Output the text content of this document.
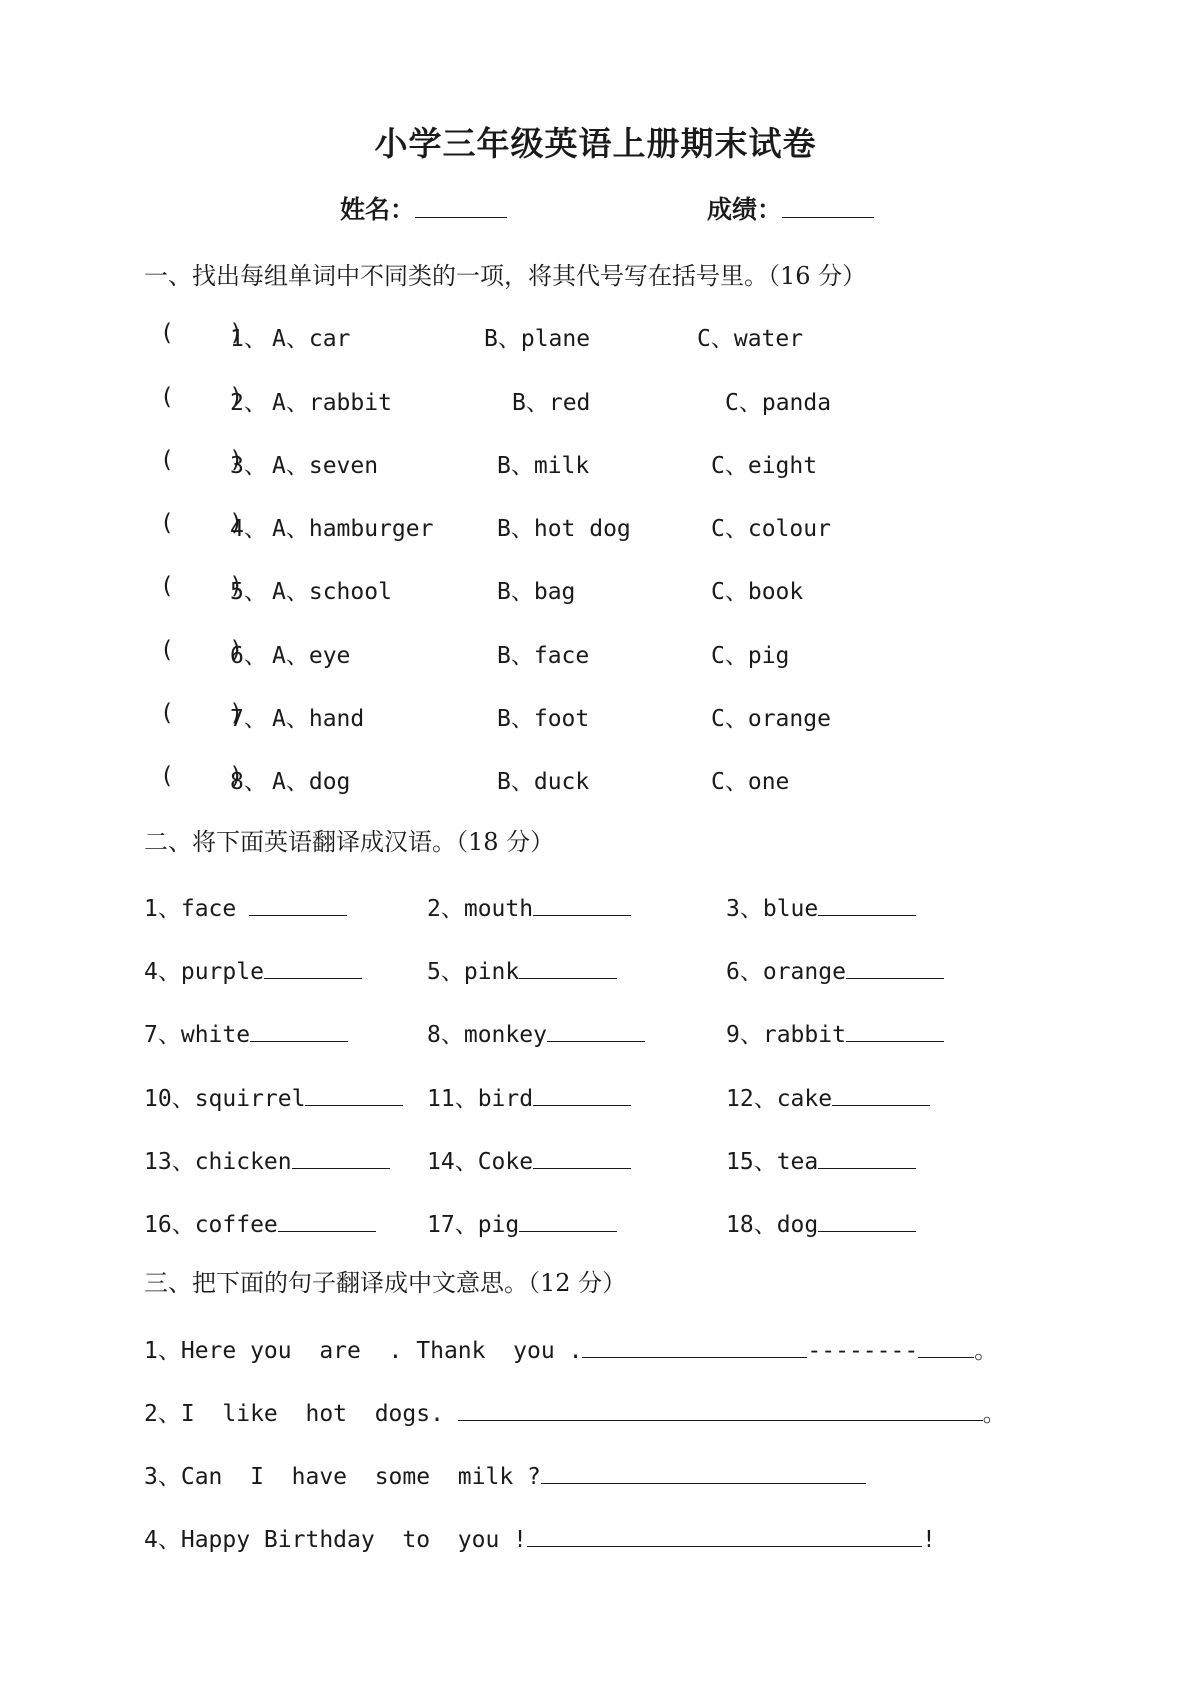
小学三年级英语上册期末试卷
姓名：	成绩：
一、找出每组单词中不同类的一项，将其代号写在括号里。（16 分）
(    )
1、 A、car	B、plane	C、water
(    )
2、 A、rabbit	B、red	C、panda
(    )
3、 A、seven	B、milk	C、eight
(    )
4、 A、hamburger	B、hot dog	C、colour
(    )
5、 A、school	B、bag	C、book
(    )
6、 A、eye	B、face	C、pig
(    )
7、 A、hand	B、foot	C、orange
(    )
8、 A、dog	B、duck	C、one
二、将下面英语翻译成汉语。（18 分）
1、face	2、mouth	3、blue
4、purple	5、pink	6、orange
7、white	8、monkey	9、rabbit
10、squirrel	11、bird	12、cake
13、chicken	14、Coke	15、tea
16、coffee	17、pig	18、dog
三、把下面的句子翻译成中文意思。（12 分）
1、Here you  are  . Thank  you .	-------- 。
2、I  like  hot  dogs.	。
3、Can  I  have  some  milk ?
4、Happy Birthday  to  you !	!
